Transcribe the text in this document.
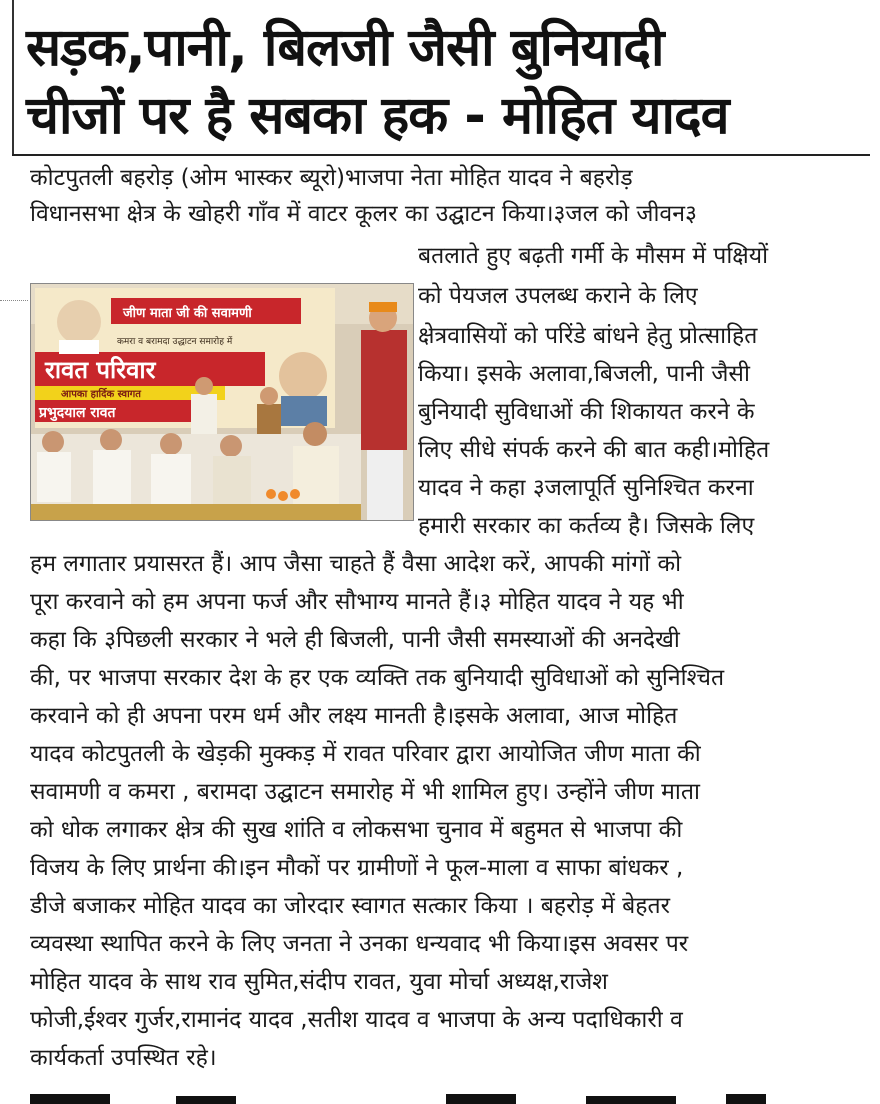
सड़क,पानी, बिलजी जैसी बुनियादी
चीजों पर है सबका हक - मोहित यादव
कोटपुतली बहरोड़ (ओम भास्कर ब्यूरो)भाजपा नेता मोहित यादव ने बहरोड़
विधानसभा क्षेत्र के खोहरी गाँव में वाटर कूलर का उद्घाटन किया।३जल को जीवन३
बतलाते हुए बढ़ती गर्मी के मौसम में पक्षियों
को पेयजल उपलब्ध कराने के लिए
क्षेत्रवासियों को परिंडे बांधने हेतु प्रोत्साहित
किया। इसके अलावा,बिजली, पानी जैसी
बुनियादी सुविधाओं की शिकायत करने के
लिए सीधे संपर्क करने की बात कही।मोहित
यादव ने कहा ३जलापूर्ति सुनिश्चित करना
हमारी सरकार का कर्तव्य है। जिसके लिए
हम लगातार प्रयासरत हैं। आप जैसा चाहते हैं वैसा आदेश करें, आपकी मांगों को
पूरा करवाने को हम अपना फर्ज और सौभाग्य मानते हैं।३ मोहित यादव ने यह भी
कहा कि ३पिछली सरकार ने भले ही बिजली, पानी जैसी समस्याओं की अनदेखी
की, पर भाजपा सरकार देश के हर एक व्यक्ति तक बुनियादी सुविधाओं को सुनिश्चित
करवाने को ही अपना परम धर्म और लक्ष्य मानती है।इसके अलावा, आज मोहित
यादव कोटपुतली के खेड़की मुक्कड़ में रावत परिवार द्वारा आयोजित जीण माता की
सवामणी व कमरा , बरामदा उद्घाटन समारोह में भी शामिल हुए। उन्होंने जीण माता
को धोक लगाकर क्षेत्र की सुख शांति व लोकसभा चुनाव में बहुमत से भाजपा की
विजय के लिए प्रार्थना की।इन मौकों पर ग्रामीणों ने फूल-माला व साफा बांधकर ,
डीजे बजाकर मोहित यादव का जोरदार स्वागत सत्कार किया । बहरोड़ में बेहतर
व्यवस्था स्थापित करने के लिए जनता ने उनका धन्यवाद भी किया।इस अवसर पर
मोहित यादव के साथ राव सुमित,संदीप रावत, युवा मोर्चा अध्यक्ष,राजेश
फोजी,ईश्वर गुर्जर,रामानंद यादव ,सतीश यादव व भाजपा के अन्य पदाधिकारी व
कार्यकर्ता उपस्थित रहे।
जीण माता जी की सवामणी
कमरा व बरामदा उद्धाटन समारोह में
रावत परिवार
आपका हार्दिक स्वागत
प्रभुदयाल रावत
